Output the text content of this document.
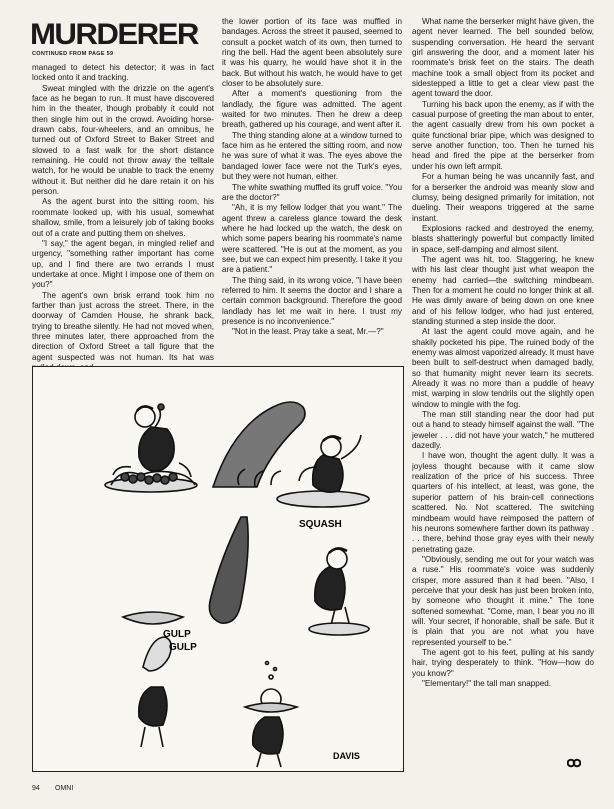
MURDERER
CONTINUED FROM PAGE 59

managed to detect his detector; it was in fact locked onto it and tracking.

Sweat mingled with the drizzle on the agent's face as he began to run. It must have discovered him in the theater, though probably it could not then single him out in the crowd. Avoiding horse-drawn cabs, four-wheelers, and an omnibus, he turned out of Oxford Street to Baker Street and slowed to a fast walk for the short distance remaining. He could not throw away the telltale watch, for he would be unable to track the enemy without it. But neither did he dare retain it on his person.

As the agent burst into the sitting room, his roommate looked up, with his usual, somewhat shallow, smile, from a leisurely job of taking books out of a crate and putting them on shelves.

"I say," the agent began, in mingled relief and urgency, "something rather important has come up, and I find there are two errands I must undertake at once. Might I impose one of them on you?"

The agent's own brisk errand took him no farther than just across the street. There, in the doorway of Camden House, he shrank back, trying to breathe silently. He had not moved when, three minutes later, there approached from the direction of Oxford Street a tall figure that the agent suspected was not human. Its hat was

the lower portion of its face was muffled in bandages. Across the street it paused, seemed to consult a pocket watch of its own, then turned to ring the bell. Had the agent been absolutely sure it was his quarry, he would have shot it in the back. But without his watch, he would have to get closer to be absolutely sure.

After a moment's questioning from the landlady, the figure was admitted. The agent waited for two minutes. Then he drew a deep breath, gathered up his courage, and went after it.

The thing standing alone at a window turned to face him as he entered the sitting room, and now he was sure of what it was. The eyes above the bandaged lower face were not the Turk's eyes, but they were not human, either.

The white swathing muffled its gruff voice. "You are the doctor?"

"Ah, it is my fellow lodger that you want." The agent threw a careless glance toward the desk where he had locked up the watch, the desk on which some papers bearing his roommate's name were scattered. "He is out at the moment, as you see, but we can expect him presently. I take it you are a patient."

The thing said, in its wrong voice, "I have been referred to him. It seems the doctor and I share a certain common background. Therefore the good landlady has let me wait in here. I trust my presence is no inconvenience."

"Not in the least. Pray take a seat, Mr.—?"

What name the berserker might have given, the agent never learned. The bell sounded below, suspending conversation. He heard the servant girl answering the door, and a moment later his roommate's brisk feet on the stairs. The death machine took a small object from its pocket and sidestepped a little to get a clear view past the agent toward the door.

Turning his back upon the enemy, as if with the casual purpose of greeting the man about to enter, the agent casually drew from his own pocket a quite functional briar pipe, which was designed to serve another function, too. Then he turned his head and fired the pipe at the berserker from under his own left armpit.

For a human being he was uncannily fast, and for a berserker the android was meanly slow and clumsy, being designed primarily for imitation, not dueling. Their weapons triggered at the same instant.

Explosions racked and destroyed the enemy, blasts shatteringly powerful but compactly limited in space, self-damping and almost silent.

The agent was hit, too. Staggering, he knew with his last clear thought just what weapon the enemy had carried—the switching mindbeam. Then for a moment he could no longer think at all. He was dimly aware of being down on one knee and of his fellow lodger, who had just entered, standing stunned a step inside the door.

At last the agent could move again, and he shakily pocketed his pipe. The ruined body of the enemy was almost vaporized already. It must have been built to self-destruct when damaged badly, so that humanity might never learn its secrets. Already it was no more than a puddle of heavy mist, warping in slow tendrils out the slightly open window to mingle with the fog.

The man still standing near the door had put out a hand to steady himself against the wall. "The jeweler . . . did not have your watch," he muttered dazedly.

I have won, thought the agent dully. It was a joyless thought because with it came slow realization of the price of his success. Three quarters of his intellect, at least, was gone, the superior pattern of his brain-cell connections scattered. No. Not scattered. The switching mindbeam would have reimposed the pattern of his neurons somewhere farther down its pathway . . . there, behind those gray eyes with their newly penetrating gaze.

"Obviously, sending me out for your watch was a ruse." His roommate's voice was suddenly crisper, more assured than it had been. "Also, I perceive that your desk has just been broken into, by someone who thought it mine." The tone softened somewhat. "Come, man, I bear you no ill will. Your secret, if honorable, shall be safe. But it is plain that you are not what you have represented yourself to be."

The agent got to his feet, pulling at his sandy hair, trying desperately to think. "How—how do you know?"

"Elementary!" the tall man snapped.

SQUASH
GULP
GULP
DAVIS
94 OMNI
